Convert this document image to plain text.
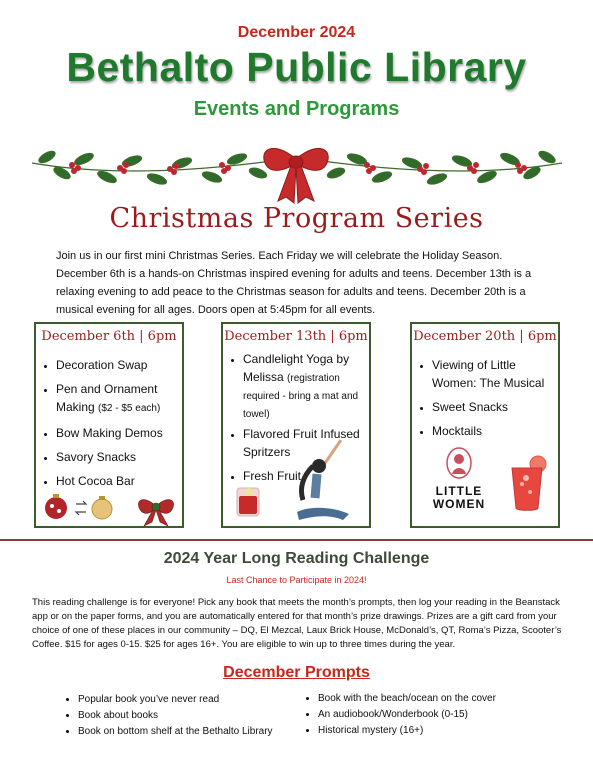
December 2024
Bethalto Public Library
Events and Programs
Christmas Program Series
Join us in our first mini Christmas Series. Each Friday we will celebrate the Holiday Season. December 6th is a hands-on Christmas inspired evening for adults and teens. December 13th is a relaxing evening to add peace to the Christmas season for adults and teens. December 20th is a musical evening for all ages. Doors open at 5:45pm for all events.
December 6th | 6pm
• Decoration Swap
• Pen and Ornament Making ($2 - $5 each)
• Bow Making Demos
• Savory Snacks
• Hot Cocoa Bar
December 13th | 6pm
• Candlelight Yoga by Melissa (registration required - bring a mat and towel)
• Flavored Fruit Infused Spritzers
• Fresh Fruit
December 20th | 6pm
• Viewing of Little Women: The Musical
• Sweet Snacks
• Mocktails
LITTLE
WOMEN
2024 Year Long Reading Challenge
Last Chance to Participate in 2024!
This reading challenge is for everyone! Pick any book that meets the month’s prompts, then log your reading in the Beanstack app or on the paper forms, and you are automatically entered for that month’s prize drawings. Prizes are a gift card from your choice of one of these places in our community – DQ, El Mezcal, Laux Brick House, McDonald’s, QT, Roma’s Pizza, Scooter’s Coffee. $15 for ages 0-15. $25 for ages 16+. You are eligible to win up to three times during the year.
December Prompts
• Popular book you’ve never read
• Book about books
• Book on bottom shelf at the Bethalto Library
• Book with the beach/ocean on the cover
• An audiobook/Wonderbook (0-15)
• Historical mystery (16+)
